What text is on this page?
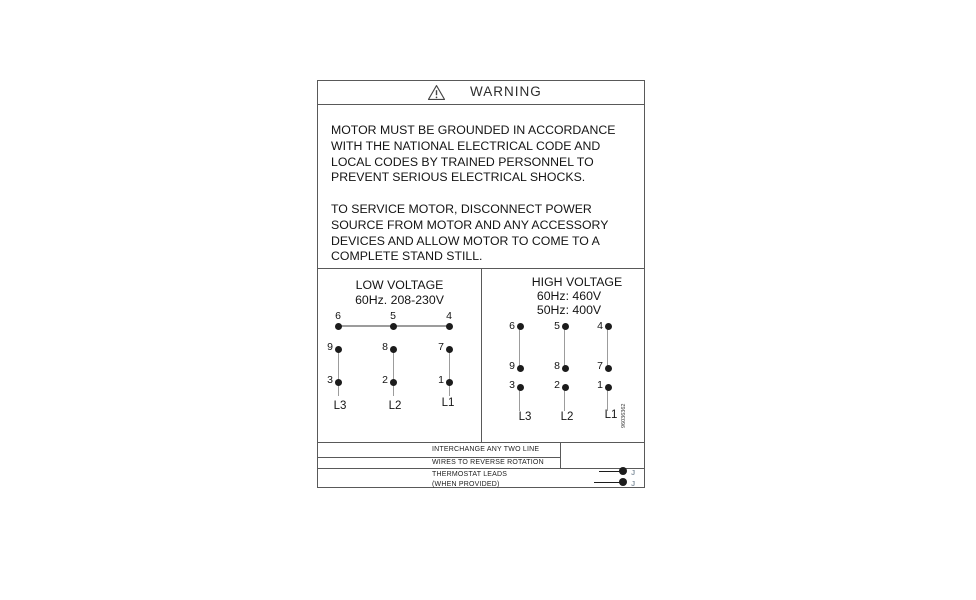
WARNING
MOTOR MUST BE GROUNDED IN ACCORDANCE
WITH THE NATIONAL ELECTRICAL CODE AND
LOCAL CODES BY TRAINED PERSONNEL TO
PREVENT SERIOUS ELECTRICAL SHOCKS.
TO SERVICE MOTOR, DISCONNECT POWER
SOURCE FROM MOTOR AND ANY ACCESSORY
DEVICES AND ALLOW MOTOR TO COME TO A
COMPLETE STAND STILL.
LOW VOLTAGE
60Hz. 208-230V
6	5	4
9	8	7
3	2	1
L3	L2	L1
HIGH VOLTAGE
60Hz: 460V
50Hz: 400V
6	5	4
9	8	7
3	2	1
L3	L2	L1 96036362
INTERCHANGE ANY TWO LINE
WIRES TO REVERSE ROTATION
THERMOSTAT LEADS
(WHEN PROVIDED)
J
J
